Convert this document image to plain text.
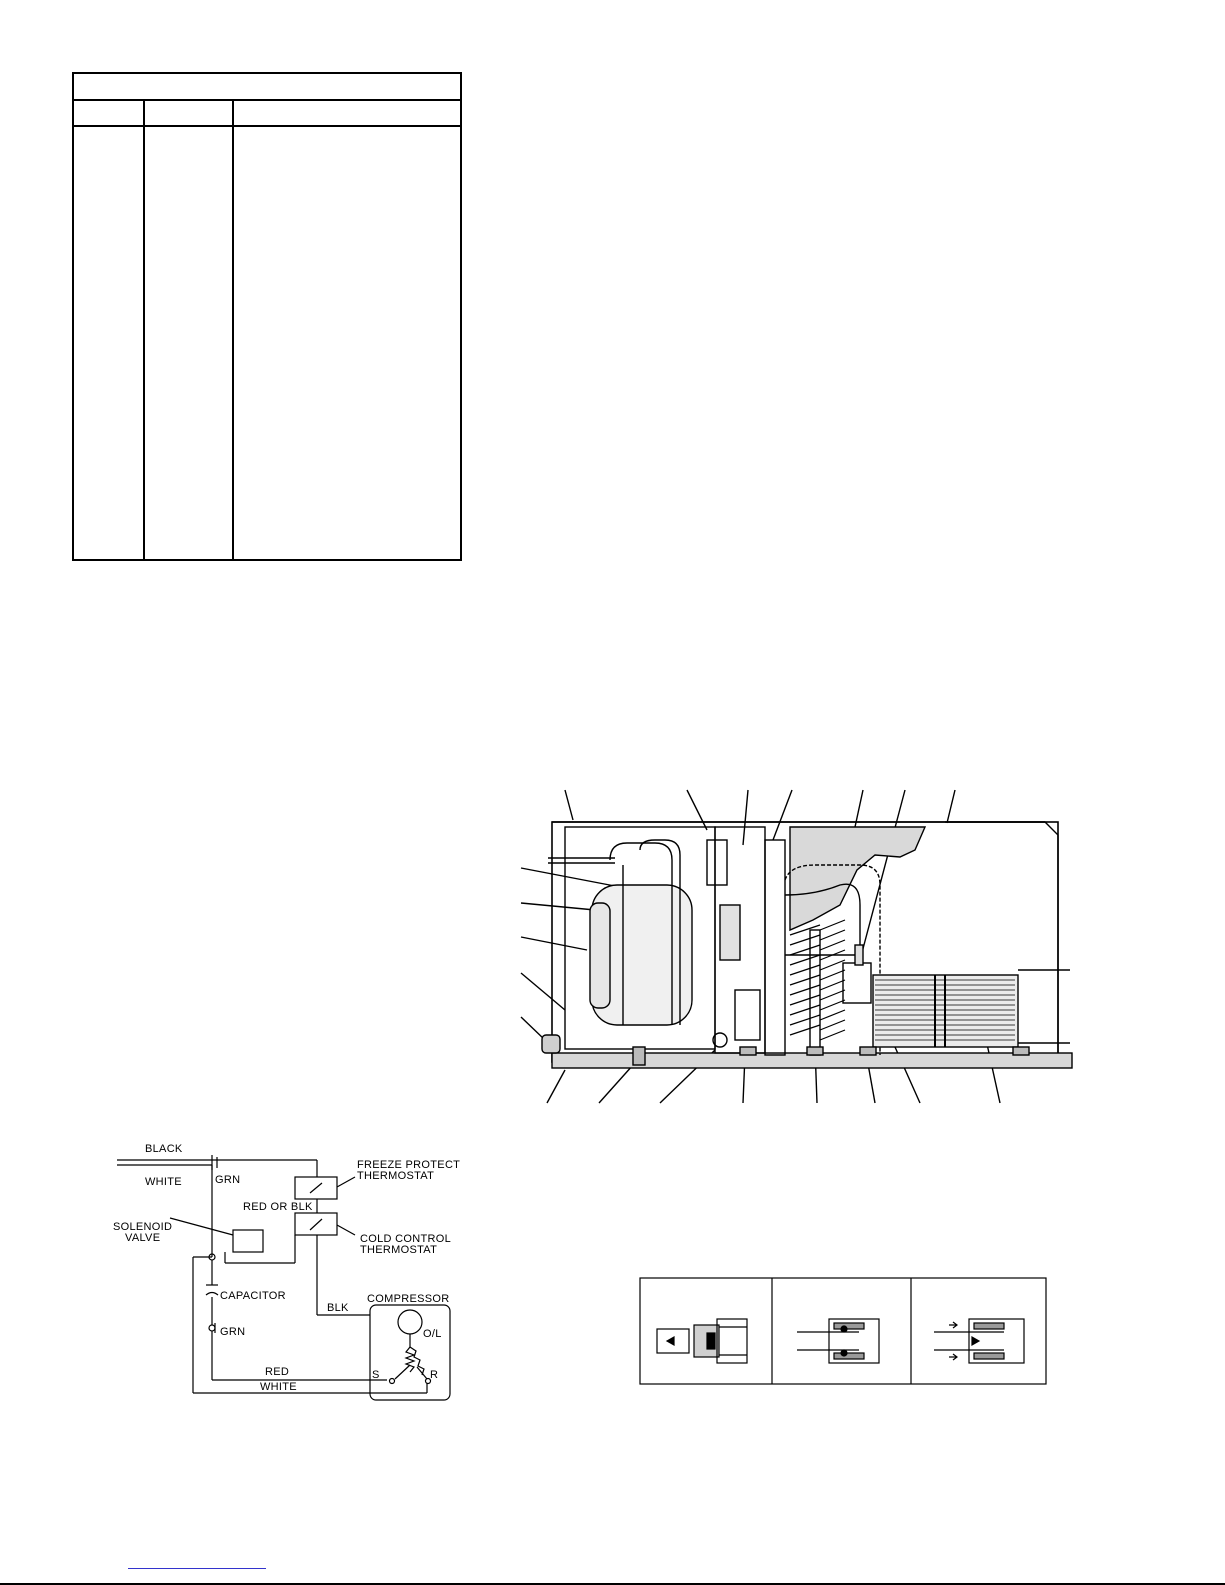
BLACK
WHITE	GRN
FREEZE PROTECT
THERMOSTAT
RED OR BLK
COLD CONTROL
THERMOSTAT
SOLENOID
VALVE
CAPACITOR
GRN
BLK
COMPRESSOR
O/L
S	R
RED
WHITE
